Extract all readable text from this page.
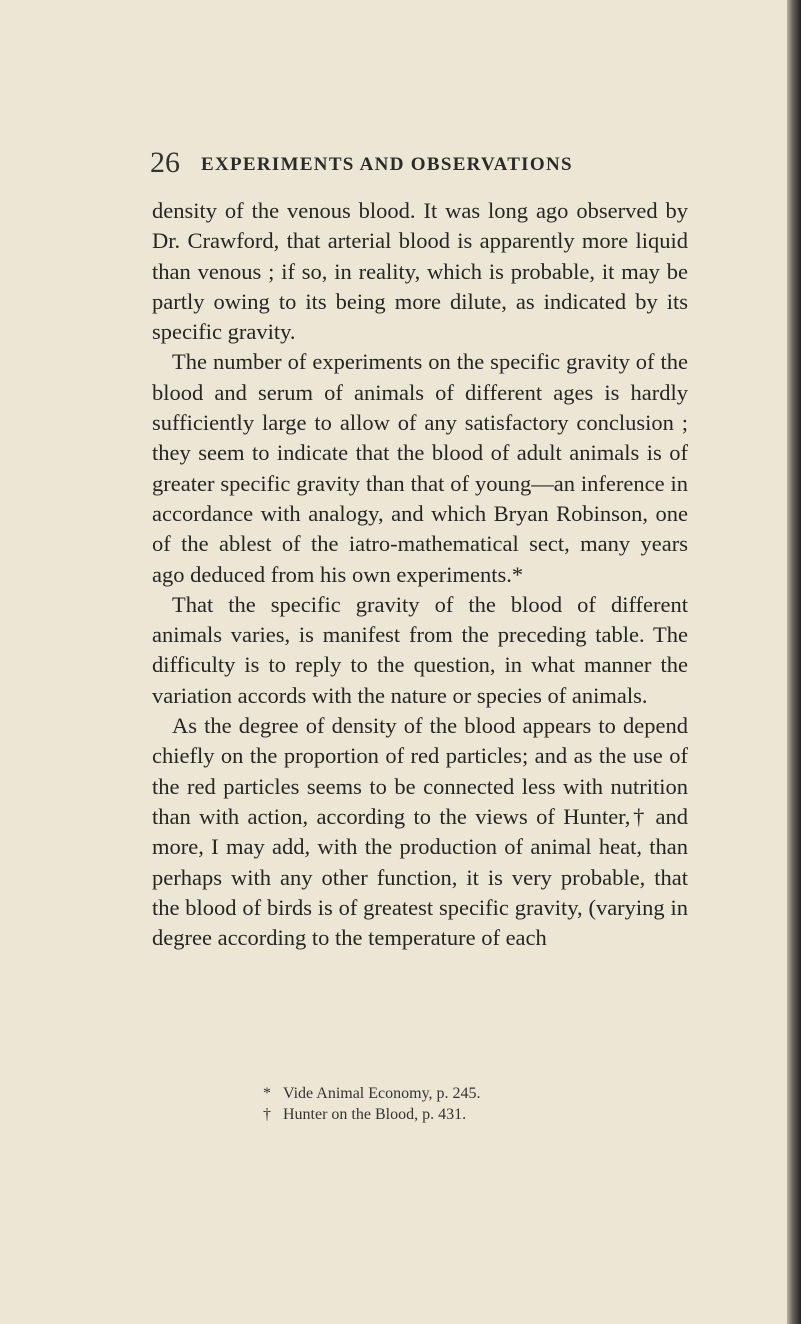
26 EXPERIMENTS AND OBSERVATIONS

density of the venous blood. It was long ago observed by Dr. Crawford, that arterial blood is apparently more liquid than venous ; if so, in reality, which is probable, it may be partly owing to its being more dilute, as indicated by its specific gravity.

The number of experiments on the specific gravity of the blood and serum of animals of different ages is hardly sufficiently large to allow of any satisfactory conclusion ; they seem to indicate that the blood of adult animals is of greater specific gravity than that of young—an inference in accordance with analogy, and which Bryan Robinson, one of the ablest of the iatro-mathematical sect, many years ago deduced from his own experiments.*

That the specific gravity of the blood of different animals varies, is manifest from the preceding table. The difficulty is to reply to the question, in what manner the variation accords with the nature or species of animals.

As the degree of density of the blood appears to depend chiefly on the proportion of red particles; and as the use of the red particles seems to be connected less with nutrition than with action, according to the views of Hunter,† and more, I may add, with the production of animal heat, than perhaps with any other function, it is very probable, that the blood of birds is of greatest specific gravity, (varying in degree according to the temperature of each

* Vide Animal Economy, p. 245.

† Hunter on the Blood, p. 431.
